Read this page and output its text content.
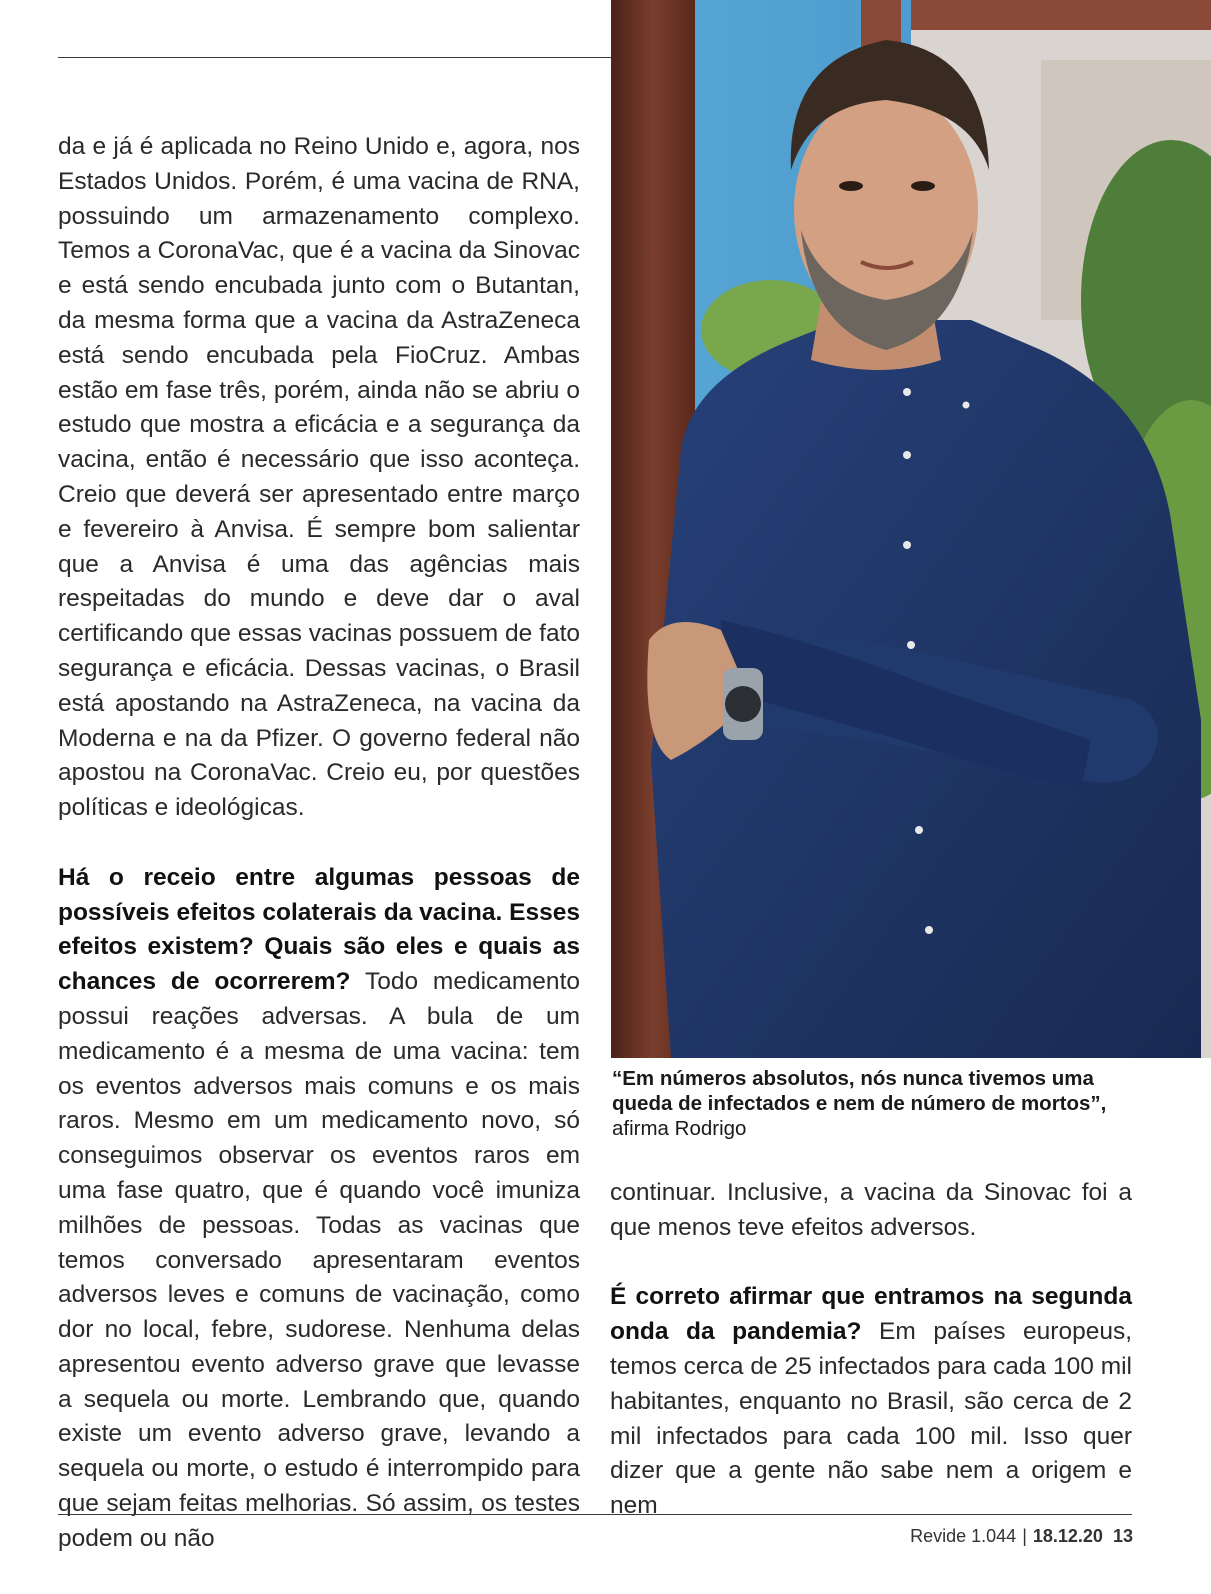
da e já é aplicada no Reino Unido e, agora, nos Estados Unidos. Porém, é uma vacina de RNA, possuindo um armazenamento complexo. Temos a CoronaVac, que é a vacina da Sinovac e está sendo encubada junto com o Butantan, da mesma forma que a vacina da AstraZeneca está sendo encubada pela FioCruz. Ambas estão em fase três, porém, ainda não se abriu o estudo que mostra a eficácia e a segurança da vacina, então é necessário que isso aconteça. Creio que deverá ser apresentado entre março e fevereiro à Anvisa. É sempre bom salientar que a Anvisa é uma das agências mais respeitadas do mundo e deve dar o aval certificando que essas vacinas possuem de fato segurança e eficácia. Dessas vacinas, o Brasil está apostando na AstraZeneca, na vacina da Moderna e na da Pfizer. O governo federal não apostou na CoronaVac. Creio eu, por questões políticas e ideológicas.

Há o receio entre algumas pessoas de possíveis efeitos colaterais da vacina. Esses efeitos existem? Quais são eles e quais as chances de ocorrerem? Todo medicamento possui reações adversas. A bula de um medicamento é a mesma de uma vacina: tem os eventos adversos mais comuns e os mais raros. Mesmo em um medicamento novo, só conseguimos observar os eventos raros em uma fase quatro, que é quando você imuniza milhões de pessoas. Todas as vacinas que temos conversado apresentaram eventos adversos leves e comuns de vacinação, como dor no local, febre, sudorese. Nenhuma delas apresentou evento adverso grave que levasse a sequela ou morte. Lembrando que, quando existe um evento adverso grave, levando a sequela ou morte, o estudo é interrompido para que sejam feitas melhorias. Só assim, os testes podem ou não

“Em números absolutos, nós nunca tivemos uma queda de infectados e nem de número de mortos”, afirma Rodrigo

continuar. Inclusive, a vacina da Sinovac foi a que menos teve efeitos adversos.

É correto afirmar que entramos na segunda onda da pandemia? Em países europeus, temos cerca de 25 infectados para cada 100 mil habitantes, enquanto no Brasil, são cerca de 2 mil infectados para cada 100 mil. Isso quer dizer que a gente não sabe nem a origem e nem

Revide 1.044 | 18.12.20 13
